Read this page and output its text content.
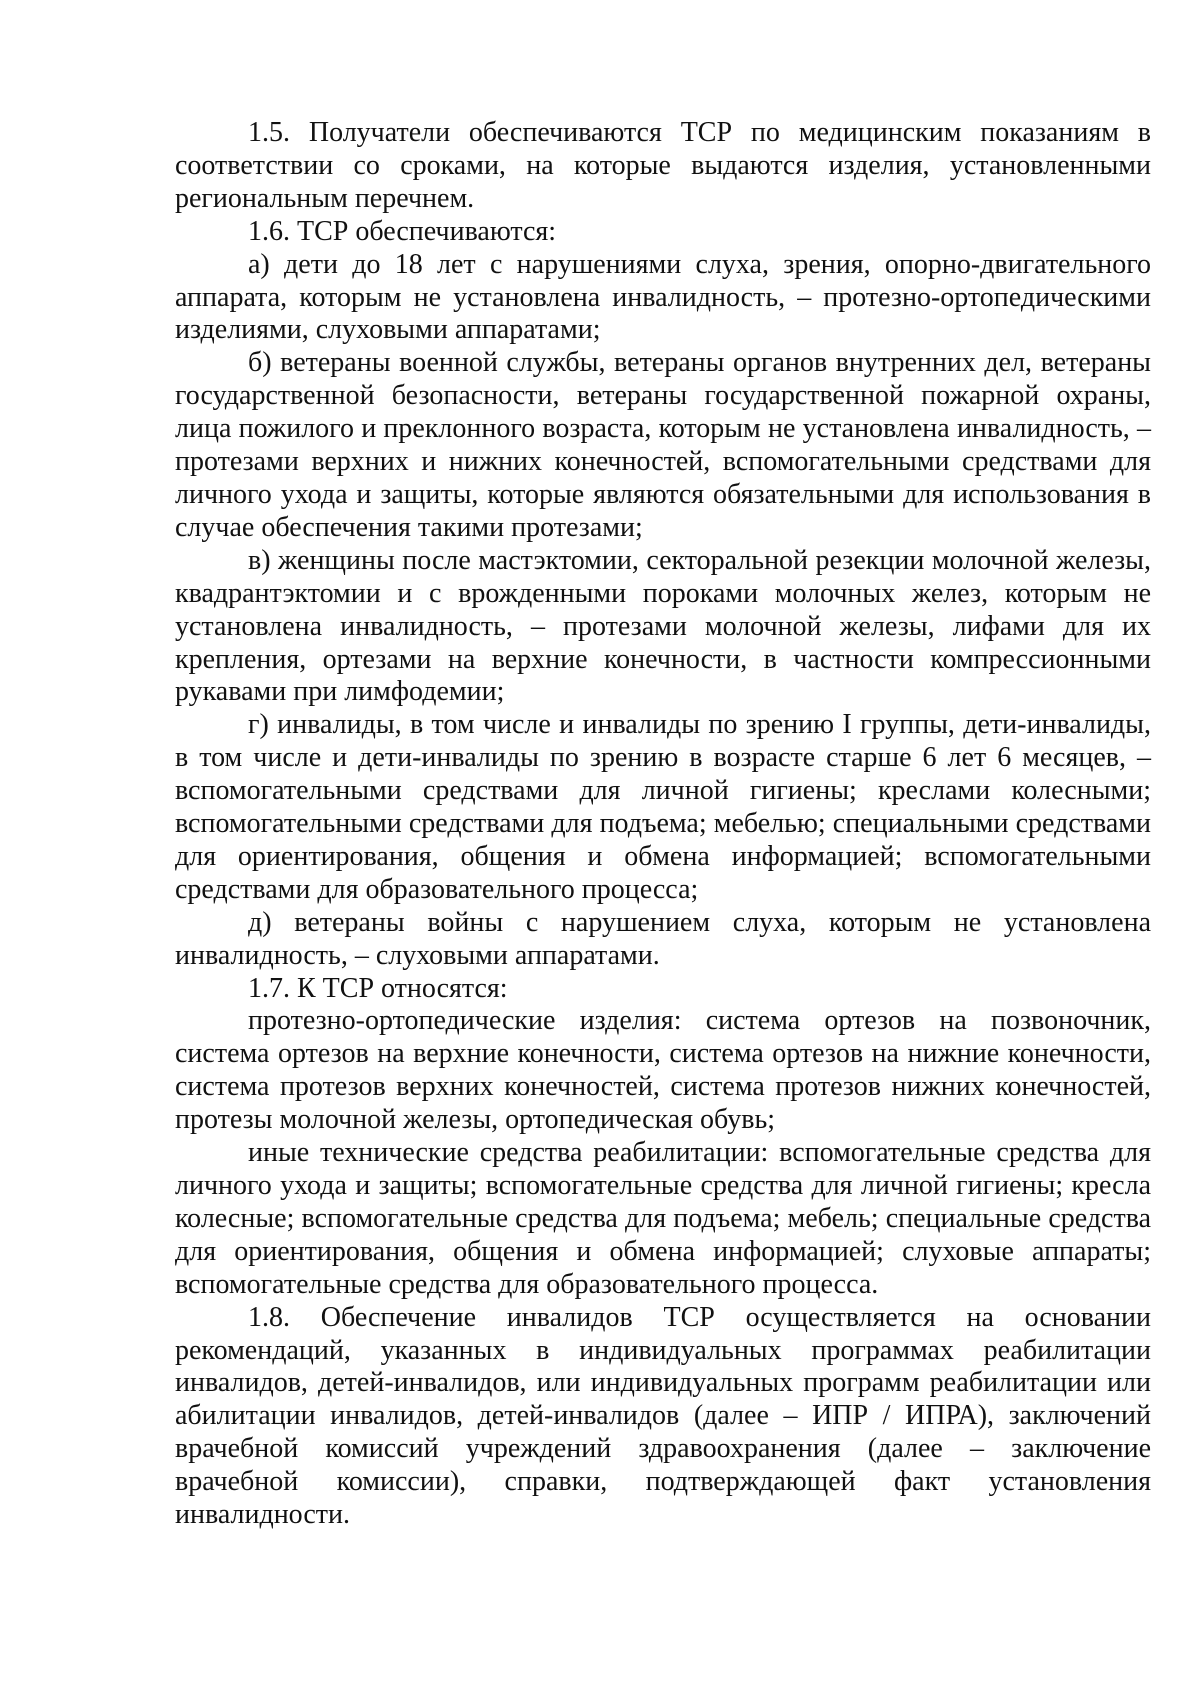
1.5. Получатели обеспечиваются ТСР по медицинским показаниям в соответствии со сроками, на которые выдаются изделия, установленными региональным перечнем.

1.6. ТСР обеспечиваются:

а) дети до 18 лет с нарушениями слуха, зрения, опорно-двигательного аппарата, которым не установлена инвалидность, – протезно-ортопедическими изделиями, слуховыми аппаратами;

б) ветераны военной службы, ветераны органов внутренних дел, ветераны государственной безопасности, ветераны государственной пожарной охраны, лица пожилого и преклонного возраста, которым не установлена инвалидность, – протезами верхних и нижних конечностей, вспомогательными средствами для личного ухода и защиты, которые являются обязательными для использования в случае обеспечения такими протезами;

в) женщины после мастэктомии, секторальной резекции молочной железы, квадрантэктомии и с врожденными пороками молочных желез, которым не установлена инвалидность, – протезами молочной железы, лифами для их крепления, ортезами на верхние конечности, в частности компрессионными рукавами при лимфодемии;

г) инвалиды, в том числе и инвалиды по зрению I группы, дети-инвалиды, в том числе и дети-инвалиды по зрению в возрасте старше 6 лет 6 месяцев, – вспомогательными средствами для личной гигиены; креслами колесными; вспомогательными средствами для подъема; мебелью; специальными средствами для ориентирования, общения и обмена информацией; вспомогательными средствами для образовательного процесса;

д) ветераны войны с нарушением слуха, которым не установлена инвалидность, – слуховыми аппаратами.

1.7. К ТСР относятся:

протезно-ортопедические изделия: система ортезов на позвоночник, система ортезов на верхние конечности, система ортезов на нижние конечности, система протезов верхних конечностей, система протезов нижних конечностей, протезы молочной железы, ортопедическая обувь;

иные технические средства реабилитации: вспомогательные средства для личного ухода и защиты; вспомогательные средства для личной гигиены; кресла колесные; вспомогательные средства для подъема; мебель; специальные средства для ориентирования, общения и обмена информацией; слуховые аппараты; вспомогательные средства для образовательного процесса.

1.8. Обеспечение инвалидов ТСР осуществляется на основании рекомендаций, указанных в индивидуальных программах реабилитации инвалидов, детей-инвалидов, или индивидуальных программ реабилитации или абилитации инвалидов, детей-инвалидов (далее – ИПР / ИПРА), заключений врачебной комиссий учреждений здравоохранения (далее – заключение врачебной комиссии), справки, подтверждающей факт установления инвалидности.
